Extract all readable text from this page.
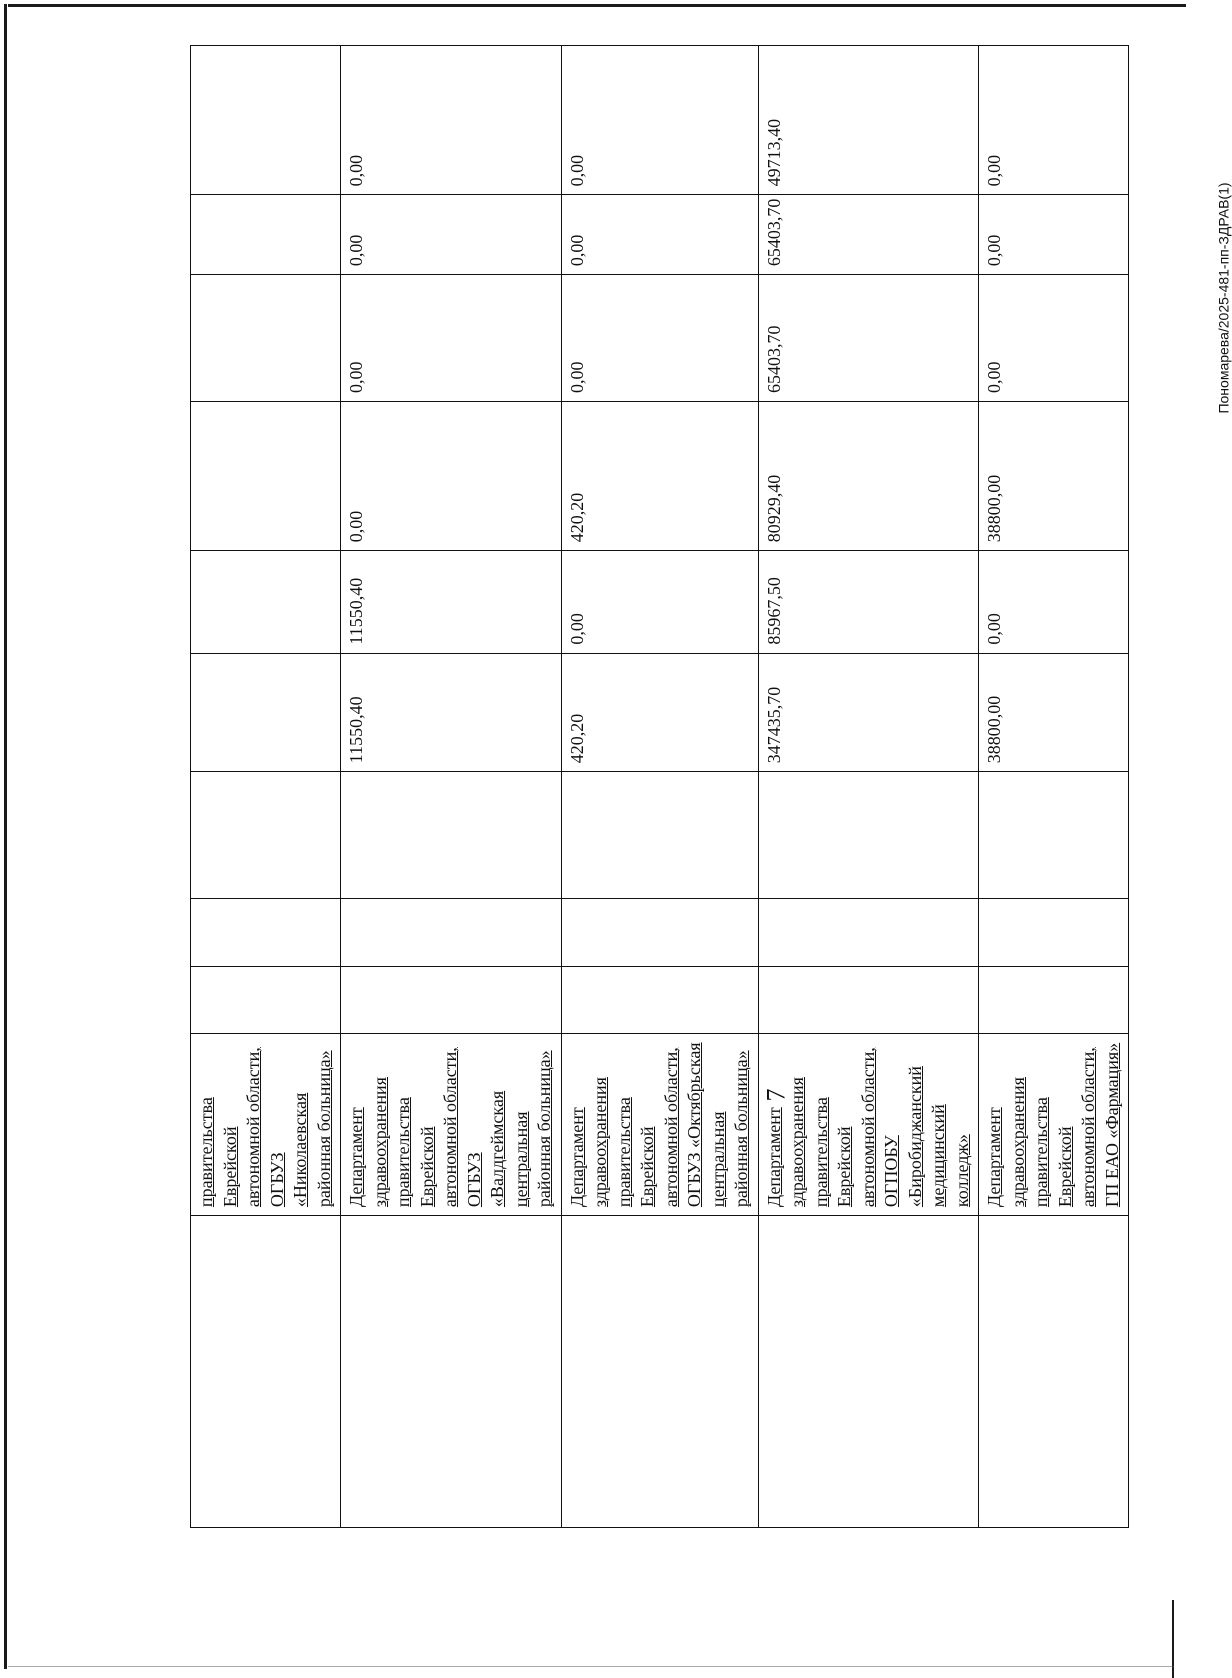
7
Пономарева/2025-481-пп-ЗДРАВ(1)
	правительства Еврейской автономной области, ОГБУЗ «Николаевская районная больница»									
	Департамент здравоохранения правительства Еврейской автономной области, ОГБУЗ «Валдгеймская центральная районная больница»				11550,40	11550,40	0,00	0,00	0,00	0,00
	Департамент здравоохранения правительства Еврейской автономной области, ОГБУЗ «Октябрьская центральная районная больница»				420,20	0,00	420,20	0,00	0,00	0,00
	Департамент здравоохранения правительства Еврейской автономной области, ОГПОБУ «Биробиджанский медицинский колледж»				347435,70	85967,50	80929,40	65403,70	65403,70	49713,40
	Департамент здравоохранения правительства Еврейской автономной области, ГП ЕАО «Фармация»				38800,00	0,00	38800,00	0,00	0,00	0,00
